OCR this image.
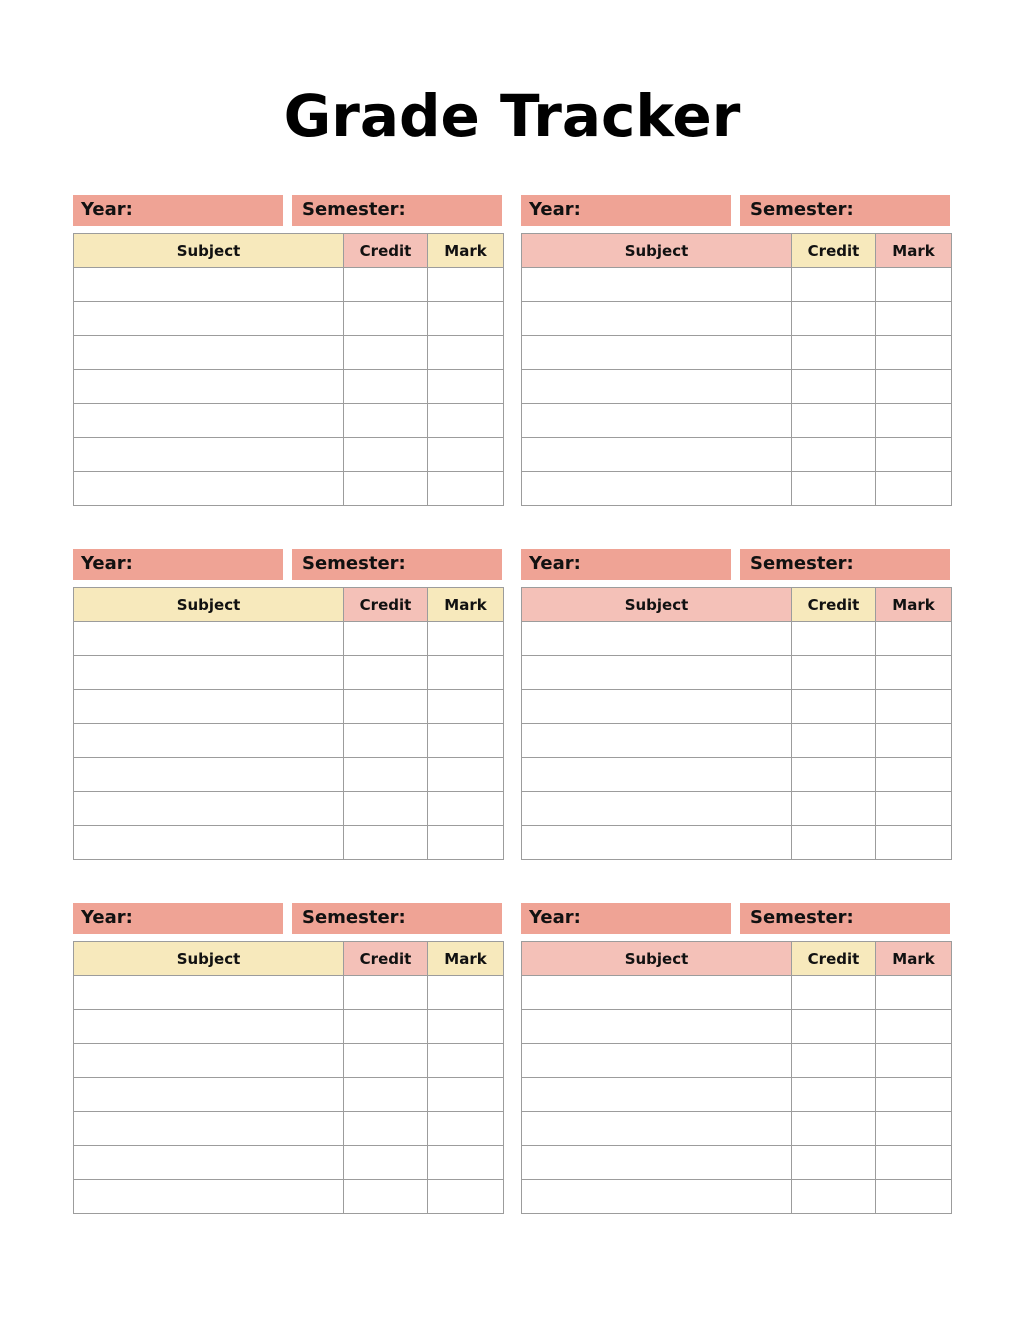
Grade Tracker
Year:	Semester:
Subject	Credit	Mark

Year:	Semester:
Subject	Credit	Mark

Year:	Semester:
Subject	Credit	Mark

Year:	Semester:
Subject	Credit	Mark

Year:	Semester:
Subject	Credit	Mark

Year:	Semester:
Subject	Credit	Mark
